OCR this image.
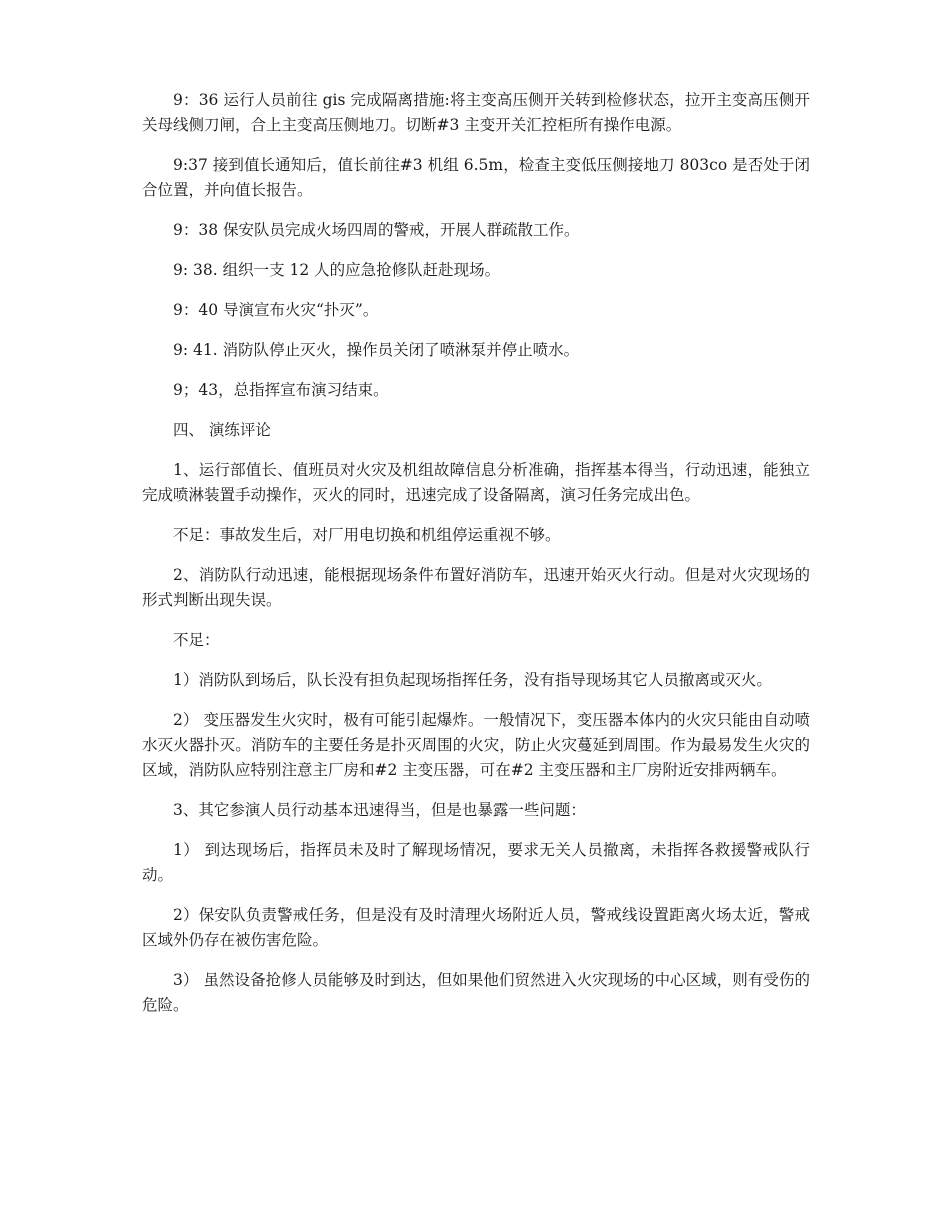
9：36 运行人员前往 gis 完成隔离措施:将主变高压侧开关转到检修状态，拉开主变高压侧开关母线侧刀闸，合上主变高压侧地刀。切断#3 主变开关汇控柜所有操作电源。

9:37 接到值长通知后，值长前往#3 机组 6.5m，检查主变低压侧接地刀 803co 是否处于闭合位置，并向值长报告。

9：38 保安队员完成火场四周的警戒，开展人群疏散工作。

9: 38. 组织一支 12 人的应急抢修队赶赴现场。

9：40 导演宣布火灾“扑灭”。

9: 41. 消防队停止灭火，操作员关闭了喷淋泵并停止喷水。

9；43，总指挥宣布演习结束。

四、 演练评论

1、运行部值长、值班员对火灾及机组故障信息分析准确，指挥基本得当，行动迅速，能独立完成喷淋装置手动操作，灭火的同时，迅速完成了设备隔离，演习任务完成出色。

不足：事故发生后，对厂用电切换和机组停运重视不够。

2、消防队行动迅速，能根据现场条件布置好消防车，迅速开始灭火行动。但是对火灾现场的形式判断出现失误。

不足：

1）消防队到场后，队长没有担负起现场指挥任务，没有指导现场其它人员撤离或灭火。

2） 变压器发生火灾时，极有可能引起爆炸。一般情况下，变压器本体内的火灾只能由自动喷水灭火器扑灭。消防车的主要任务是扑灭周围的火灾，防止火灾蔓延到周围。作为最易发生火灾的区域，消防队应特别注意主厂房和#2 主变压器，可在#2 主变压器和主厂房附近安排两辆车。

3、其它参演人员行动基本迅速得当，但是也暴露一些问题：

1） 到达现场后，指挥员未及时了解现场情况，要求无关人员撤离，未指挥各救援警戒队行动。

2）保安队负责警戒任务，但是没有及时清理火场附近人员，警戒线设置距离火场太近，警戒区域外仍存在被伤害危险。

3） 虽然设备抢修人员能够及时到达，但如果他们贸然进入火灾现场的中心区域，则有受伤的危险。
